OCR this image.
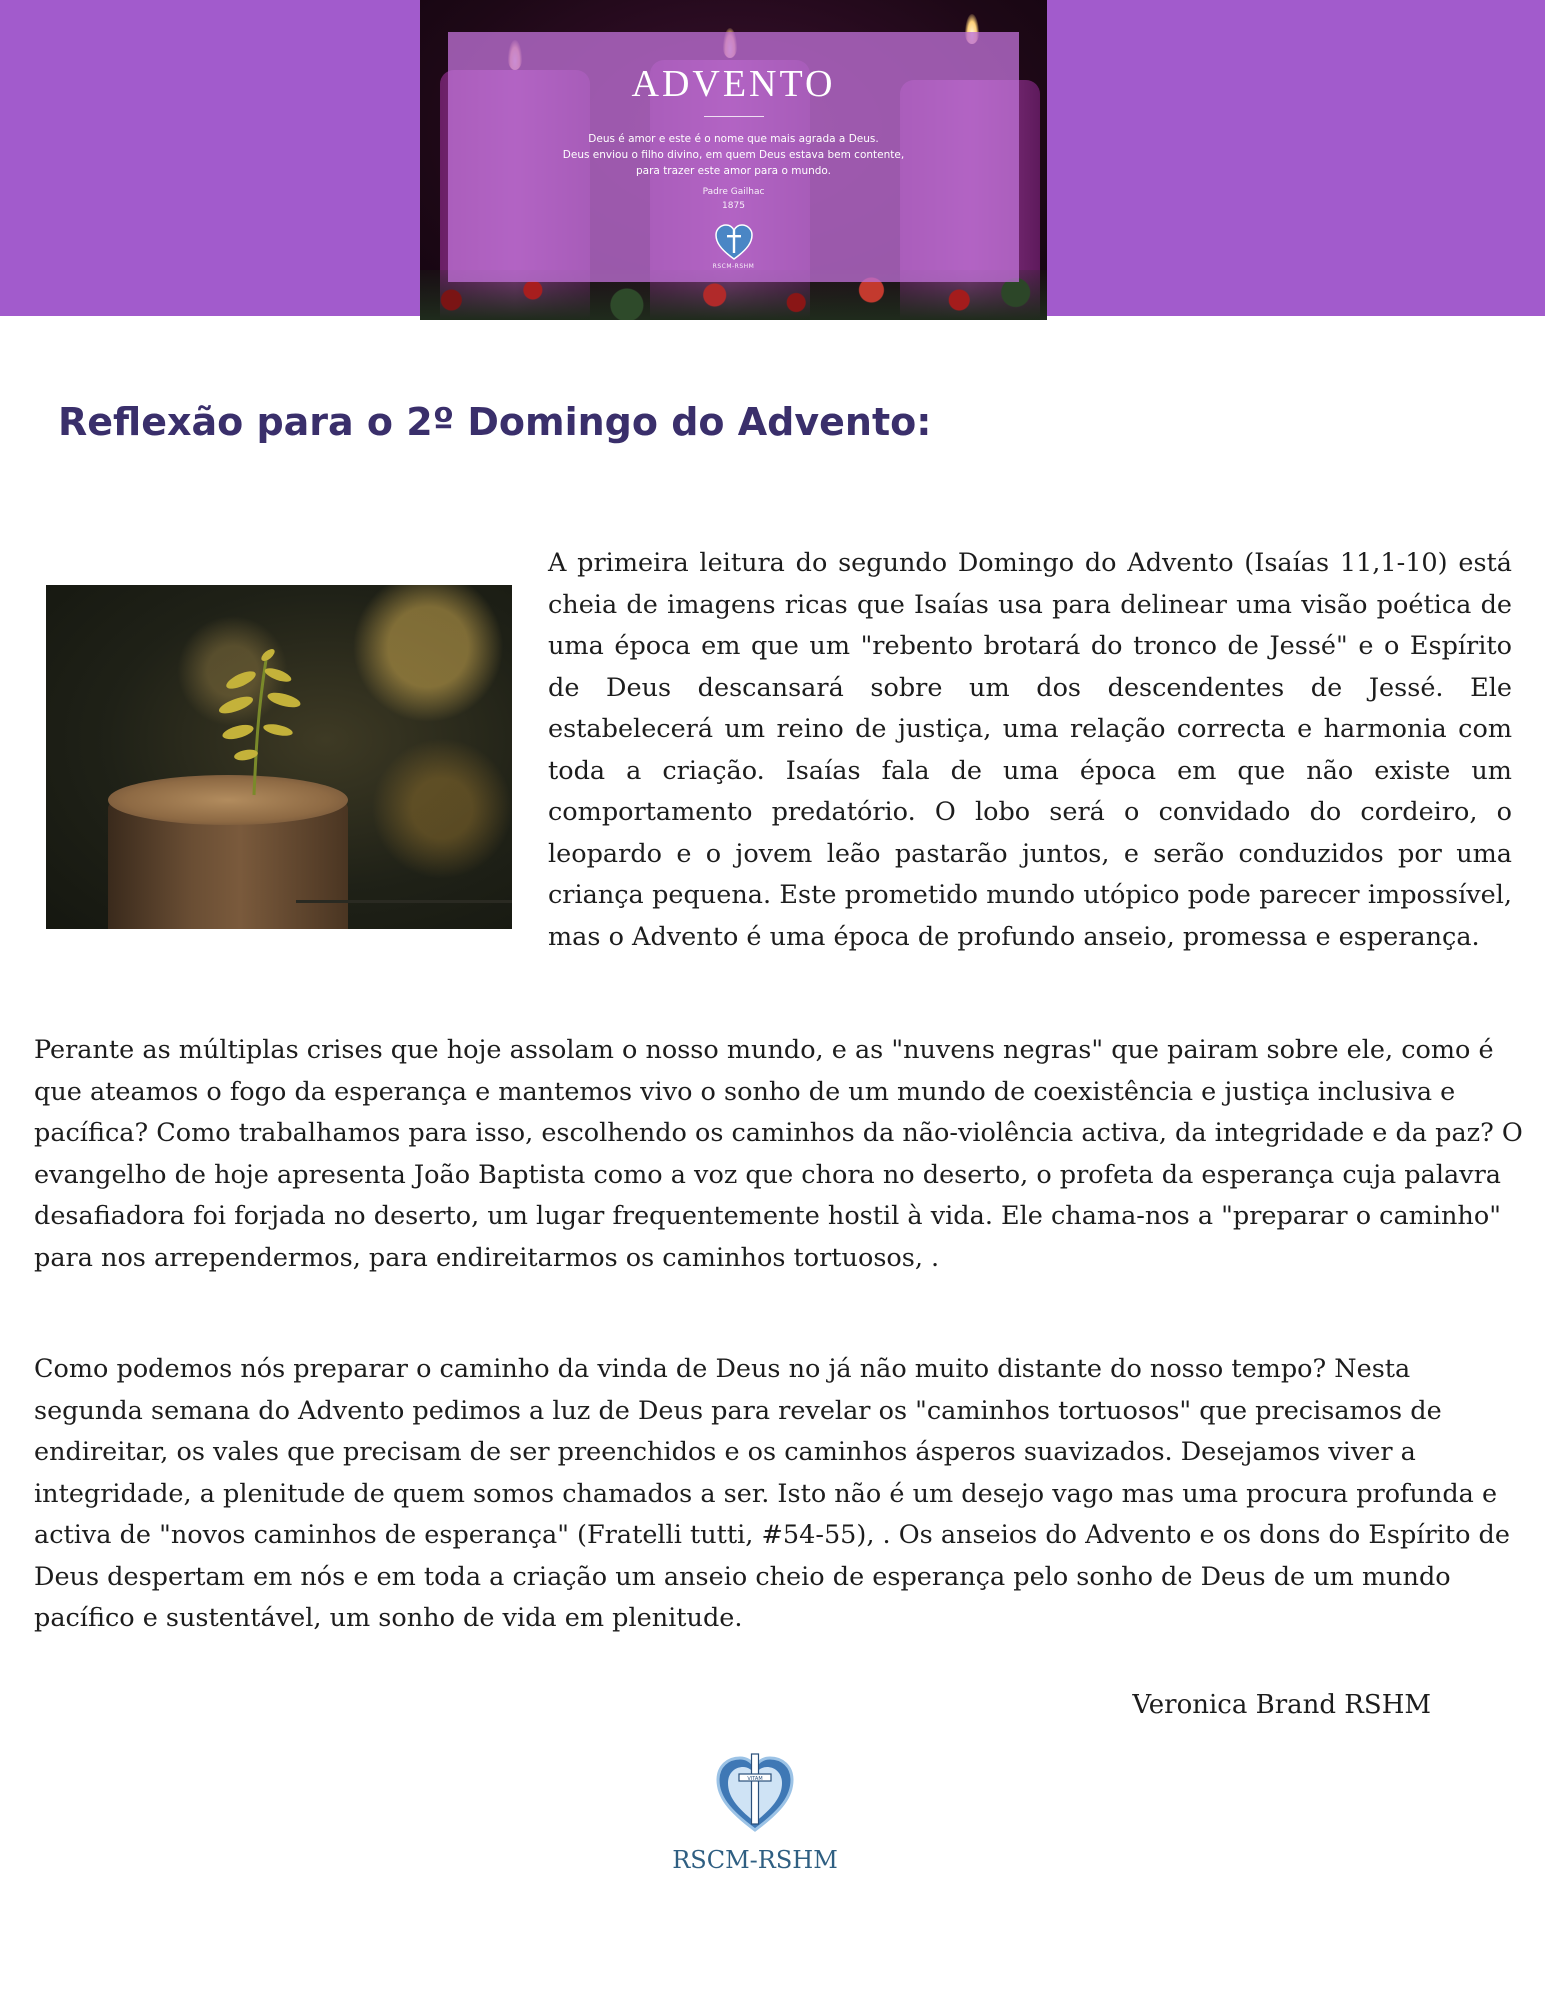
ADVENTO
Deus é amor e este é o nome que mais agrada a Deus.
Deus enviou o filho divino, em quem Deus estava bem contente,
para trazer este amor para o mundo.
Padre Gailhac
1875
RSCM-RSHM
Reflexão para o 2º Domingo do Advento:

A primeira leitura do segundo Domingo do Advento (Isaías 11,1-10) está cheia de imagens ricas que Isaías usa para delinear uma visão poética de uma época em que um "rebento brotará do tronco de Jessé" e o Espírito de Deus descansará sobre um dos descendentes de Jessé. Ele estabelecerá um reino de justiça, uma relação correcta e harmonia com toda a criação. Isaías fala de uma época em que não existe um comportamento predatório. O lobo será o convidado do cordeiro, o leopardo e o jovem leão pastarão juntos, e serão conduzidos por uma criança pequena. Este prometido mundo utópico pode parecer impossível, mas o Advento é uma época de profundo anseio, promessa e esperança.

Perante as múltiplas crises que hoje assolam o nosso mundo, e as "nuvens negras" que pairam sobre ele, como é que ateamos o fogo da esperança e mantemos vivo o sonho de um mundo de coexistência e justiça inclusiva e pacífica? Como trabalhamos para isso, escolhendo os caminhos da não-violência activa, da integridade e da paz? O evangelho de hoje apresenta João Baptista como a voz que chora no deserto, o profeta da esperança cuja palavra desafiadora foi forjada no deserto, um lugar frequentemente hostil à vida. Ele chama-nos a "preparar o caminho" para nos arrependermos, para endireitarmos os caminhos tortuosos, .

Como podemos nós preparar o caminho da vinda de Deus no já não muito distante do nosso tempo? Nesta segunda semana do Advento pedimos a luz de Deus para revelar os "caminhos tortuosos" que precisamos de endireitar, os vales que precisam de ser preenchidos e os caminhos ásperos suavizados. Desejamos viver a integridade, a plenitude de quem somos chamados a ser. Isto não é um desejo vago mas uma procura profunda e activa de "novos caminhos de esperança" (Fratelli tutti, #54-55), . Os anseios do Advento e os dons do Espírito de Deus despertam em nós e em toda a criação um anseio cheio de esperança pelo sonho de Deus de um mundo pacífico e sustentável, um sonho de vida em plenitude.

Veronica Brand RSHM

VITAM

RSCM-RSHM
